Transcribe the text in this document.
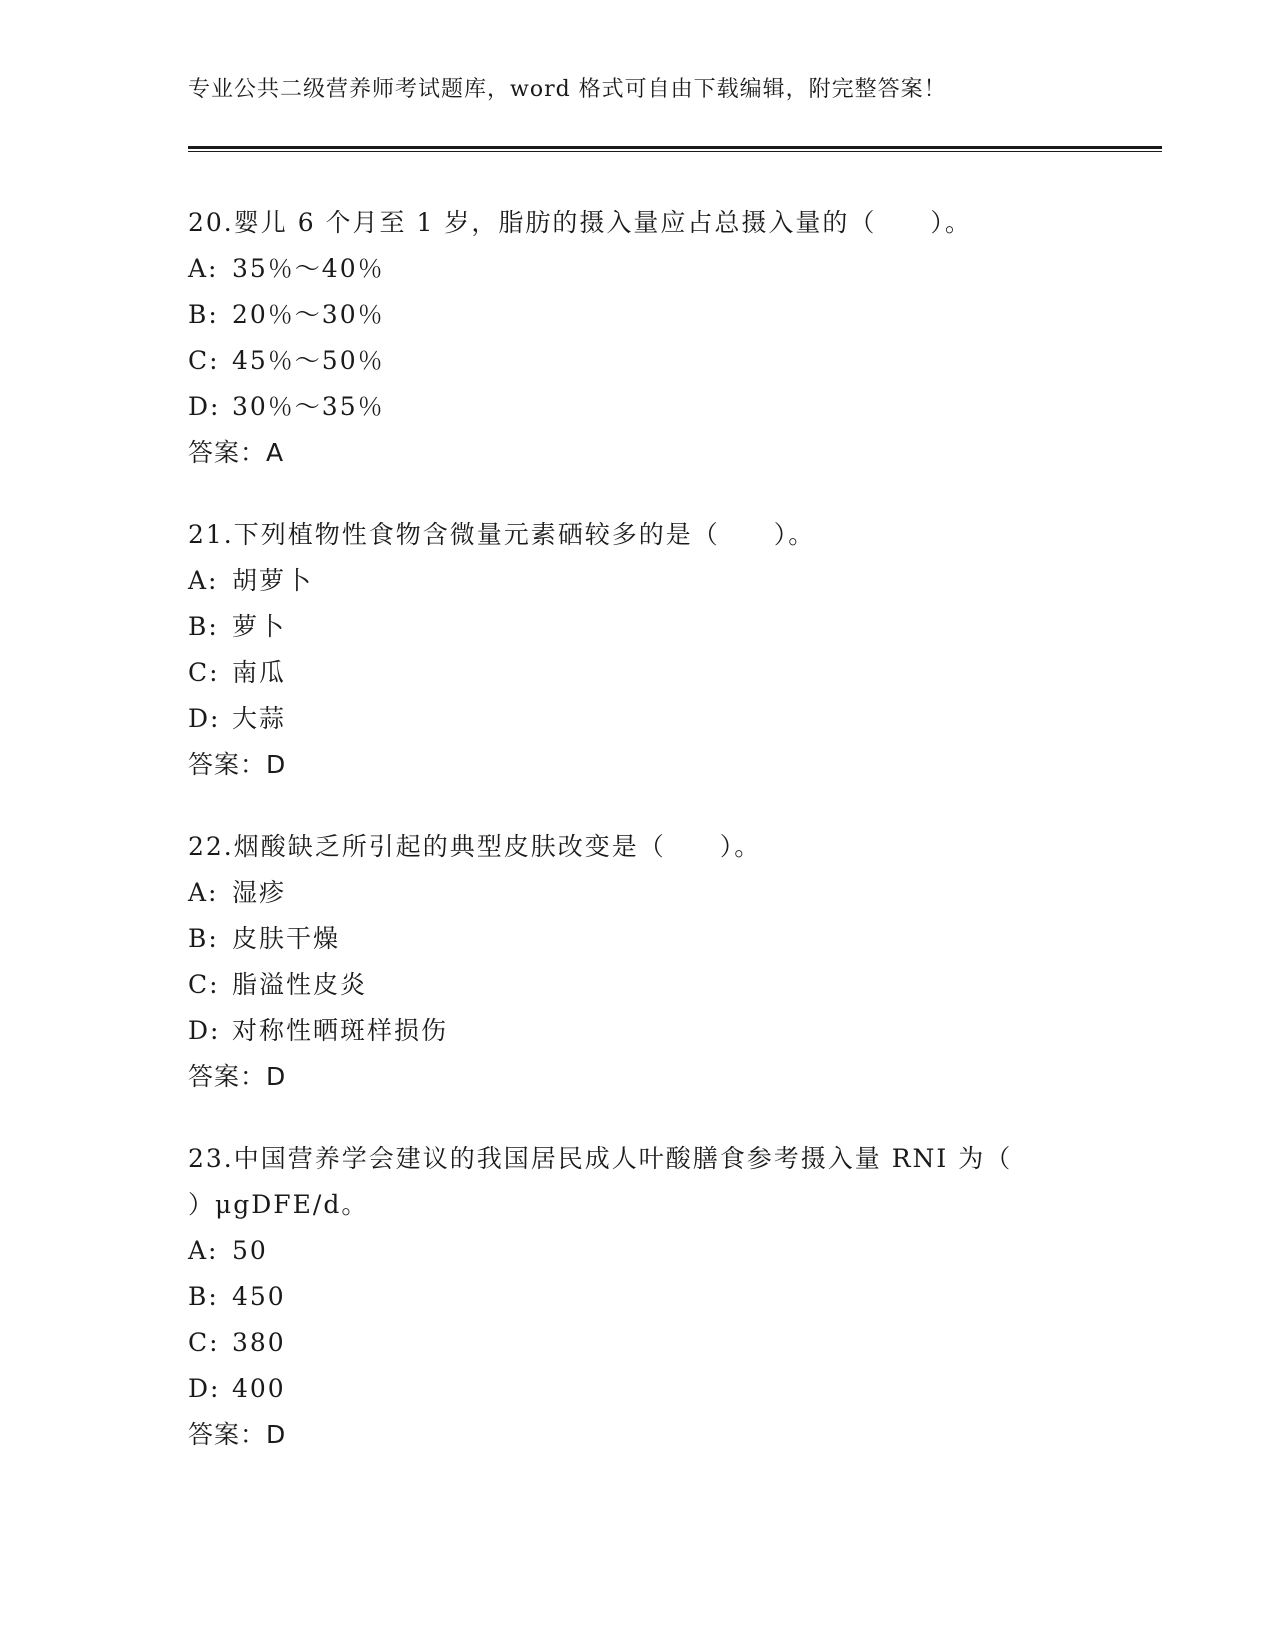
专业公共二级营养师考试题库，word 格式可自由下载编辑，附完整答案！
20.婴儿 6 个月至 1 岁，脂肪的摄入量应占总摄入量的（　　）。
A: 35％～40％
B: 20％～30％
C: 45％～50％
D: 30％～35％
答案：A
21.下列植物性食物含微量元素硒较多的是（　　）。
A: 胡萝卜
B: 萝卜
C: 南瓜
D: 大蒜
答案：D
22.烟酸缺乏所引起的典型皮肤改变是（　　）。
A: 湿疹
B: 皮肤干燥
C: 脂溢性皮炎
D: 对称性晒斑样损伤
答案：D
23.中国营养学会建议的我国居民成人叶酸膳食参考摄入量 RNI 为（　　）μgDFE/d。
A: 50
B: 450
C: 380
D: 400
答案：D
